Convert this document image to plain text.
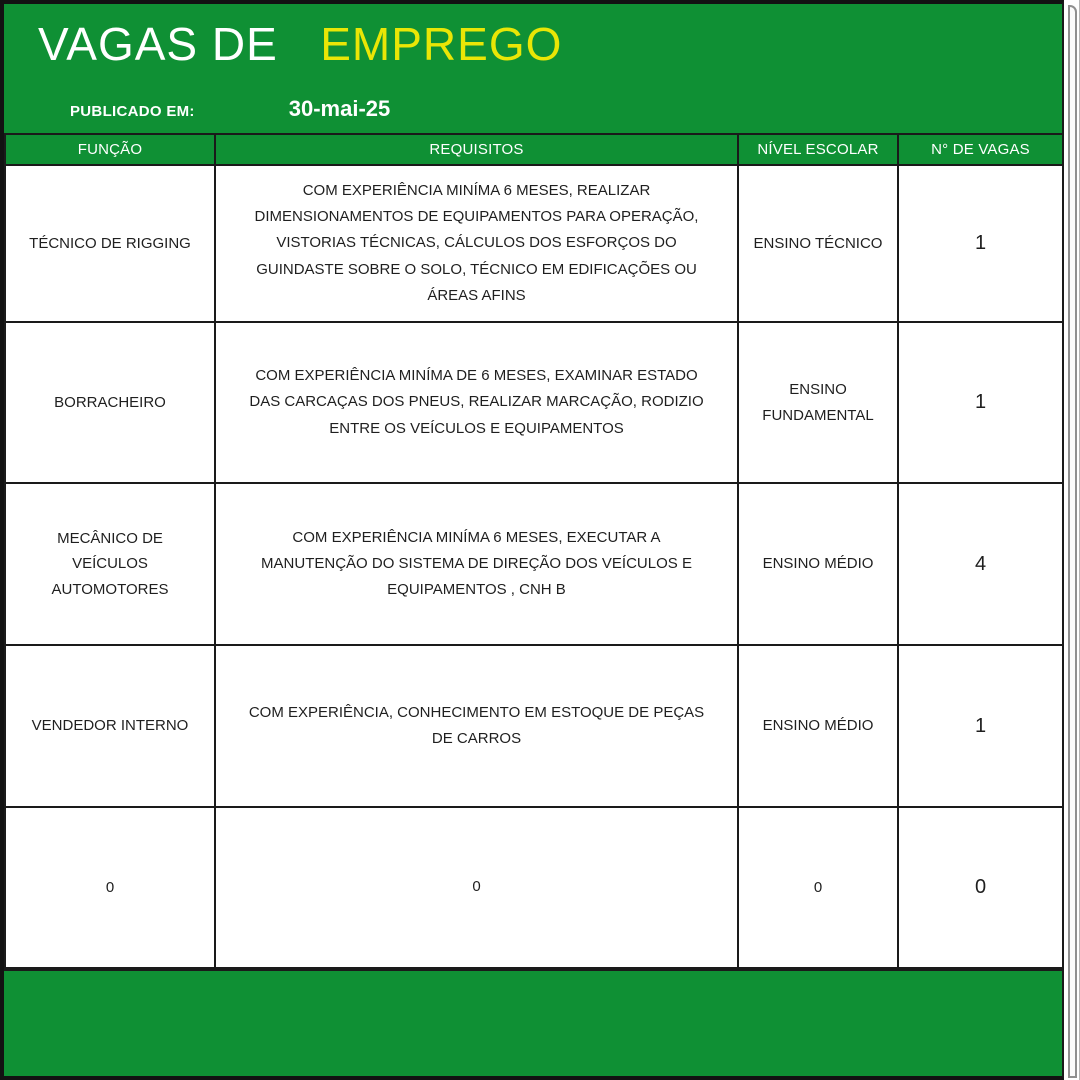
VAGAS DE EMPREGO
PUBLICADO EM:	30-mai-25
FUNÇÃO	REQUISITOS	NÍVEL ESCOLAR	N° DE VAGAS
TÉCNICO DE RIGGING	COM EXPERIÊNCIA MINÍMA 6 MESES, REALIZAR DIMENSIONAMENTOS DE EQUIPAMENTOS PARA OPERAÇÃO, VISTORIAS TÉCNICAS, CÁLCULOS DOS ESFORÇOS DO GUINDASTE SOBRE O SOLO, TÉCNICO EM EDIFICAÇÕES OU ÁREAS AFINS	ENSINO TÉCNICO	1
BORRACHEIRO	COM EXPERIÊNCIA MINÍMA DE 6 MESES, EXAMINAR ESTADO DAS CARCAÇAS DOS PNEUS, REALIZAR MARCAÇÃO, RODIZIO ENTRE OS VEÍCULOS E EQUIPAMENTOS	ENSINO FUNDAMENTAL	1
MECÂNICO DE VEÍCULOS AUTOMOTORES	COM EXPERIÊNCIA MINÍMA 6 MESES, EXECUTAR A MANUTENÇÃO DO SISTEMA DE DIREÇÃO DOS VEÍCULOS E EQUIPAMENTOS , CNH B	ENSINO MÉDIO	4
VENDEDOR INTERNO	COM EXPERIÊNCIA, CONHECIMENTO EM ESTOQUE DE PEÇAS DE CARROS	ENSINO MÉDIO	1
0	0	0	0
